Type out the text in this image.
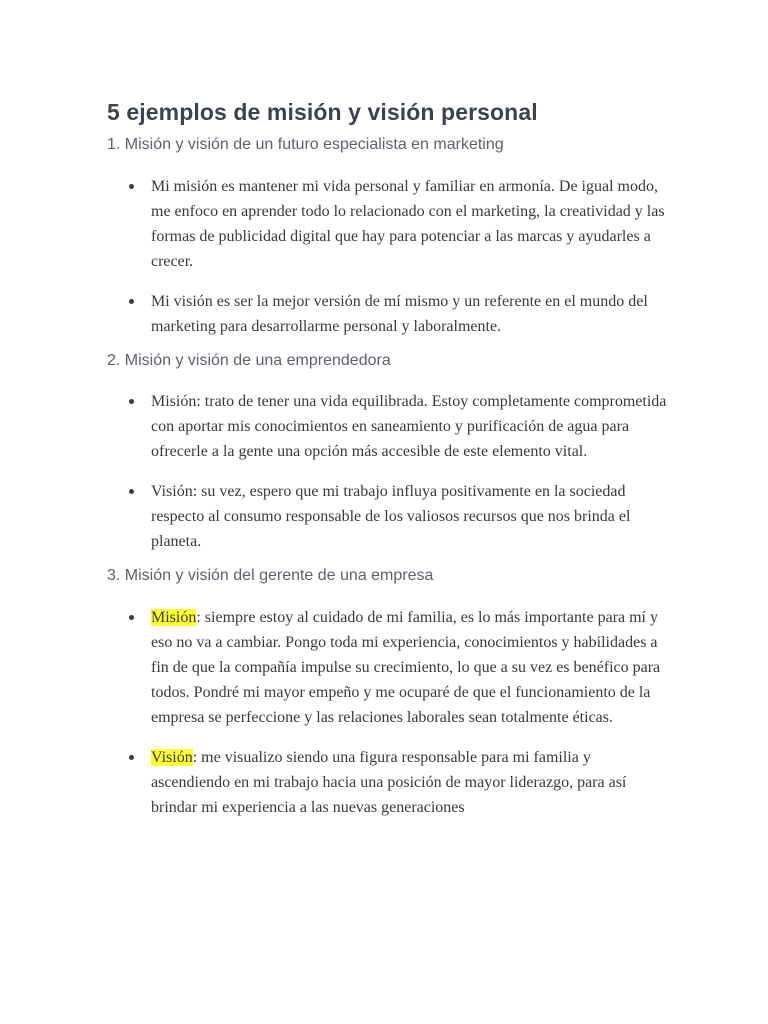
5 ejemplos de misión y visión personal
1. Misión y visión de un futuro especialista en marketing
Mi misión es mantener mi vida personal y familiar en armonía. De igual modo, me enfoco en aprender todo lo relacionado con el marketing, la creatividad y las formas de publicidad digital que hay para potenciar a las marcas y ayudarles a crecer.
Mi visión es ser la mejor versión de mí mismo y un referente en el mundo del marketing para desarrollarme personal y laboralmente.
2. Misión y visión de una emprendedora
Misión: trato de tener una vida equilibrada. Estoy completamente comprometida con aportar mis conocimientos en saneamiento y purificación de agua para ofrecerle a la gente una opción más accesible de este elemento vital.
Visión: su vez, espero que mi trabajo influya positivamente en la sociedad respecto al consumo responsable de los valiosos recursos que nos brinda el planeta.
3. Misión y visión del gerente de una empresa
Misión: siempre estoy al cuidado de mi familia, es lo más importante para mí y eso no va a cambiar. Pongo toda mi experiencia, conocimientos y habilidades a fin de que la compañía impulse su crecimiento, lo que a su vez es benéfico para todos. Pondré mi mayor empeño y me ocuparé de que el funcionamiento de la empresa se perfeccione y las relaciones laborales sean totalmente éticas.
Visión: me visualizo siendo una figura responsable para mi familia y ascendiendo en mi trabajo hacia una posición de mayor liderazgo, para así brindar mi experiencia a las nuevas generaciones
